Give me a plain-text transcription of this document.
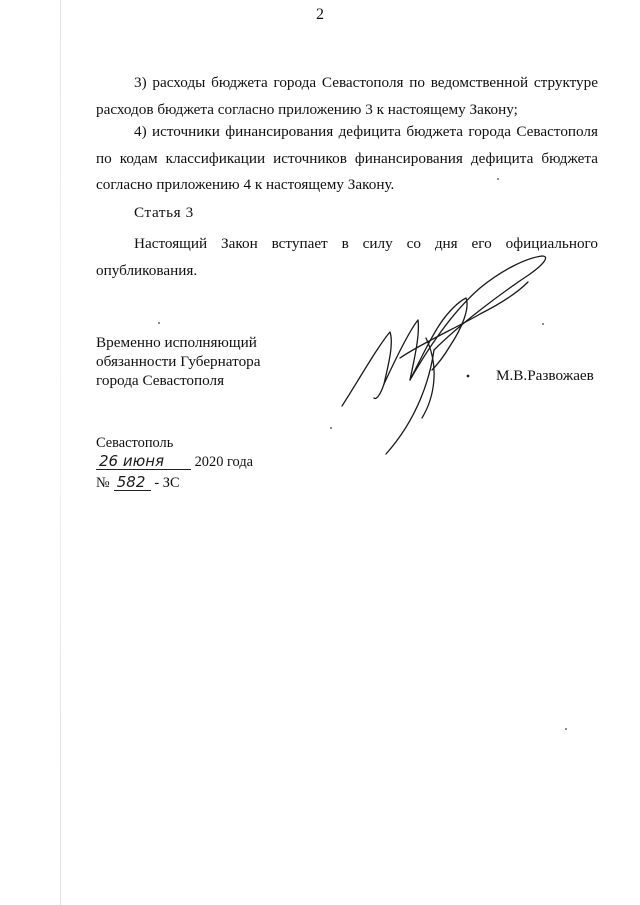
2

3) расходы бюджета города Севастополя по ведомственной структуре
расходов бюджета согласно приложению 3 к настоящему Закону;

4) источники финансирования дефицита бюджета города Севастополя
по кодам классификации источников финансирования дефицита бюджета
согласно приложению 4 к настоящему Закону.

Статья 3

Настоящий Закон вступает в силу со дня его официального
опубликования.

Временно исполняющий
обязанности Губернатора
города Севастополя	М.В.Развожаев
Севастополь
26 июня 2020 года
№ 582 - ЗС
